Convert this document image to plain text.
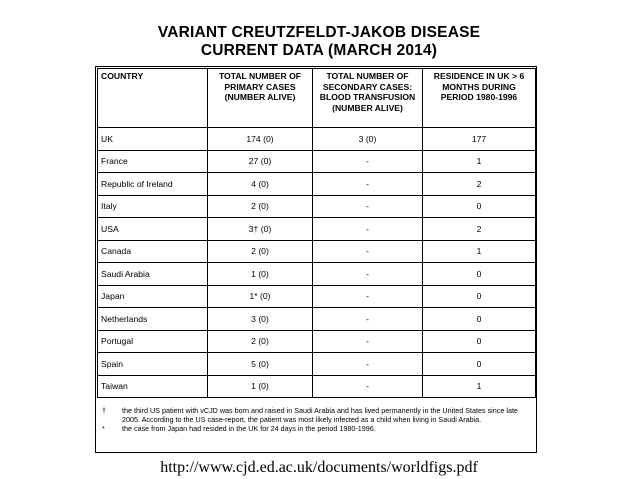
VARIANT CREUTZFELDT-JAKOB DISEASE
CURRENT DATA (MARCH 2014)
COUNTRY	TOTAL NUMBER OF PRIMARY CASES (NUMBER ALIVE)	TOTAL NUMBER OF SECONDARY CASES: BLOOD TRANSFUSION (NUMBER ALIVE)	RESIDENCE IN UK > 6 MONTHS DURING PERIOD 1980-1996
UK	174 (0)	3 (0)	177
France	27 (0)	-	1
Republic of Ireland	4 (0)	-	2
Italy	2 (0)	-	0
USA	3† (0)	-	2
Canada	2 (0)	-	1
Saudi Arabia	1 (0)	-	0
Japan	1* (0)	-	0
Netherlands	3 (0)	-	0
Portugal	2 (0)	-	0
Spain	5 (0)	-	0
Taiwan	1 (0)	-	1
† the third US patient with vCJD was born and raised in Saudi Arabia and has lived permanently in the United States since late 2005. According to the US case-report, the patient was most likely infected as a child when living in Saudi Arabia.
* the case from Japan had resided in the UK for 24 days in the period 1980-1996.
http://www.cjd.ed.ac.uk/documents/worldfigs.pdf
